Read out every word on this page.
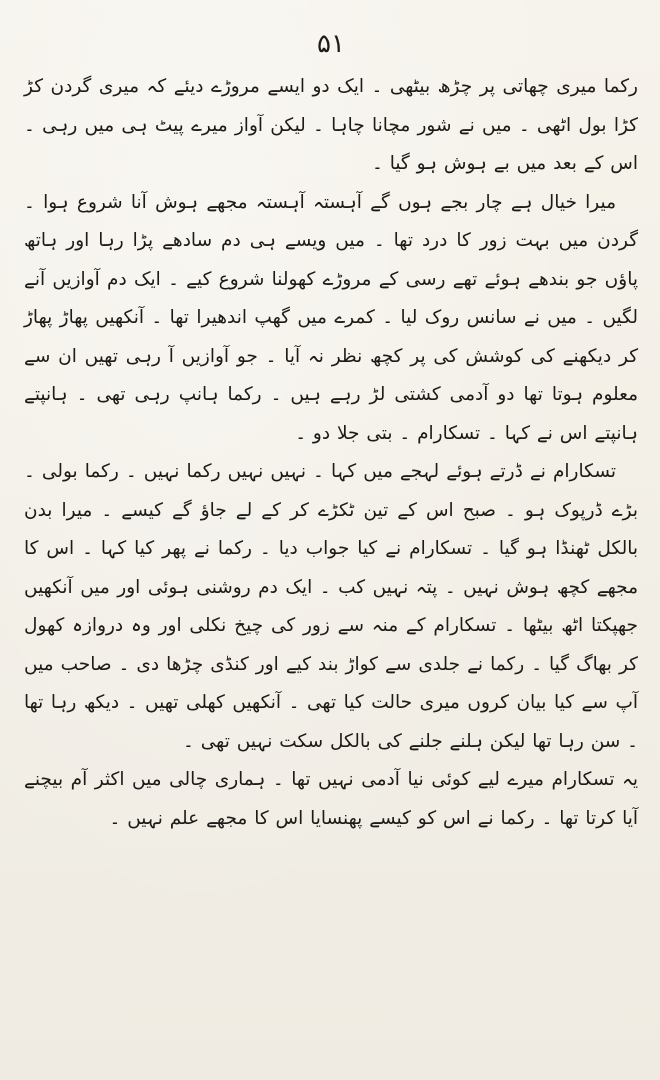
۵۱

رکما میری چھاتی پر چڑھ بیٹھی ۔ ایک دو ایسے مروڑے دیئے کہ میری گردن کڑ کڑا بول اٹھی ۔ میں نے شور مچانا چاہا ۔ لیکن آواز میرے پیٹ ہی میں رہی ۔ اس کے بعد میں بے ہوش ہو گیا ۔

میرا خیال ہے چار بجے ہوں گے آہستہ آہستہ مجھے ہوش آنا شروع ہوا ۔ گردن میں بہت زور کا درد تھا ۔ میں ویسے ہی دم سادھے پڑا رہا اور ہاتھ پاؤں جو بندھے ہوئے تھے رسی کے مروڑے کھولنا شروع کیے ۔ ایک دم آوازیں آنے لگیں ۔ میں نے سانس روک لیا ۔ کمرے میں گھپ اندھیرا تھا ۔ آنکھیں پھاڑ پھاڑ کر دیکھنے کی کوشش کی پر کچھ نظر نہ آیا ۔ جو آوازیں آ رہی تھیں ان سے معلوم ہوتا تھا دو آدمی کشتی لڑ رہے ہیں ۔ رکما ہانپ رہی تھی ۔ ہانپتے ہانپتے اس نے کہا ۔ تسکارام ۔ بتی جلا دو ۔

تسکارام نے ڈرتے ہوئے لہجے میں کہا ۔ نہیں نہیں رکما نہیں ۔ رکما بولی ۔ بڑے ڈرپوک ہو ۔ صبح اس کے تین ٹکڑے کر کے لے جاؤ گے کیسے ۔ میرا بدن بالکل ٹھنڈا ہو گیا ۔ تسکارام نے کیا جواب دیا ۔ رکما نے پھر کیا کہا ۔ اس کا مجھے کچھ ہوش نہیں ۔ پتہ نہیں کب ۔ ایک دم روشنی ہوئی اور میں آنکھیں جھپکتا اٹھ بیٹھا ۔ تسکارام کے منہ سے زور کی چیخ نکلی اور وہ دروازہ کھول کر بھاگ گیا ۔ رکما نے جلدی سے کواڑ بند کیے اور کنڈی چڑھا دی ۔ صاحب میں آپ سے کیا بیان کروں میری حالت کیا تھی ۔ آنکھیں کھلی تھیں ۔ دیکھ رہا تھا ۔ سن رہا تھا لیکن ہلنے جلنے کی بالکل سکت نہیں تھی ۔

یہ تسکارام میرے لیے کوئی نیا آدمی نہیں تھا ۔ ہماری چالی میں اکثر آم بیچنے آیا کرتا تھا ۔ رکما نے اس کو کیسے پھنسایا اس کا مجھے علم نہیں ۔
